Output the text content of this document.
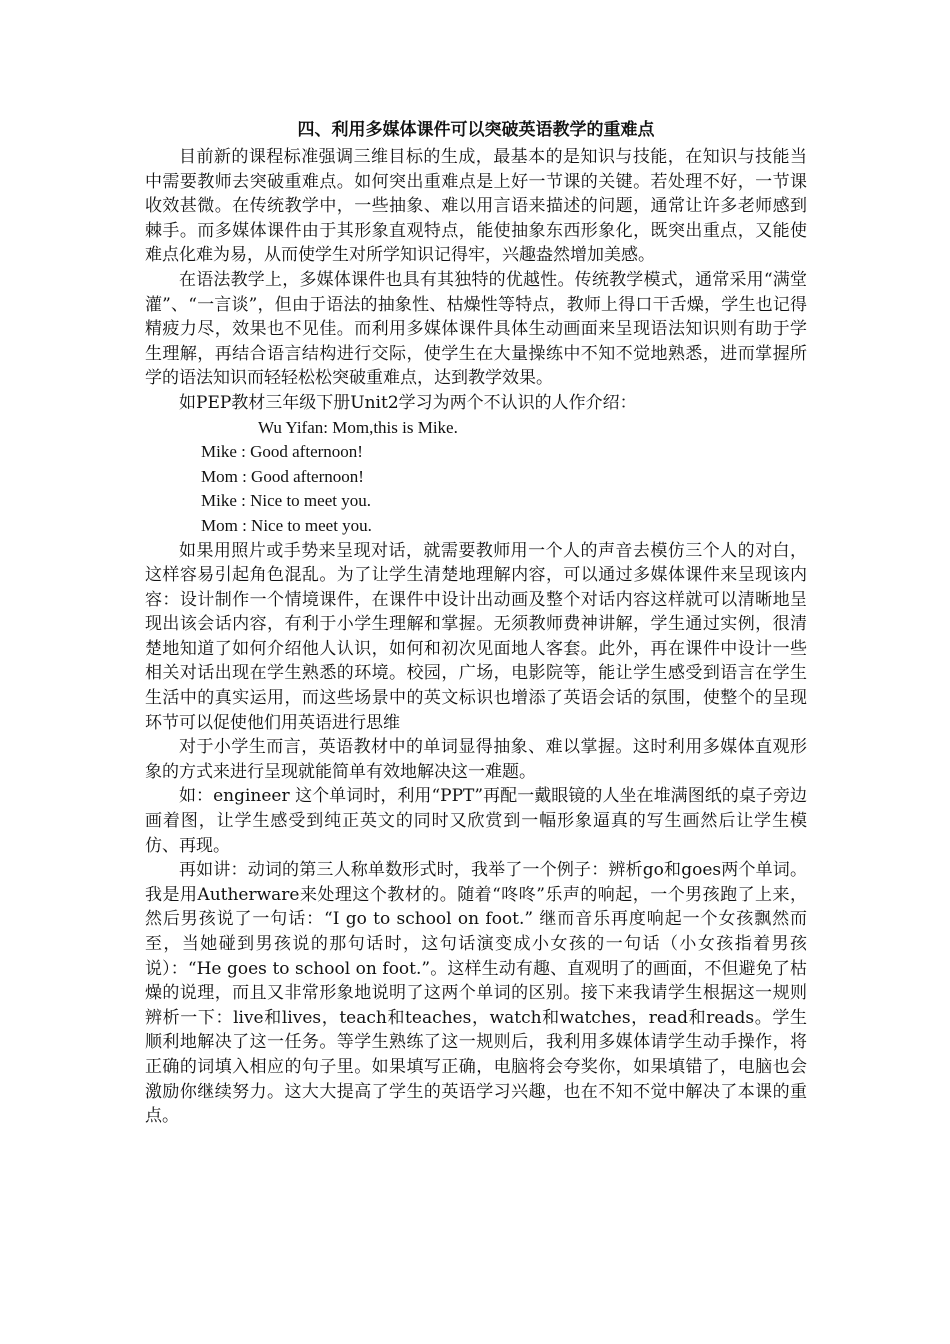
四、利用多媒体课件可以突破英语教学的重难点

目前新的课程标准强调三维目标的生成，最基本的是知识与技能，在知识与技能当中需要教师去突破重难点。如何突出重难点是上好一节课的关键。若处理不好，一节课收效甚微。在传统教学中，一些抽象、难以用言语来描述的问题，通常让许多老师感到棘手。而多媒体课件由于其形象直观特点，能使抽象东西形象化，既突出重点，又能使难点化难为易，从而使学生对所学知识记得牢，兴趣盎然增加美感。

在语法教学上，多媒体课件也具有其独特的优越性。传统教学模式，通常采用“满堂灌”、“一言谈”，但由于语法的抽象性、枯燥性等特点，教师上得口干舌燥，学生也记得精疲力尽，效果也不见佳。而利用多媒体课件具体生动画面来呈现语法知识则有助于学生理解，再结合语言结构进行交际，使学生在大量操练中不知不觉地熟悉，进而掌握所学的语法知识而轻轻松松突破重难点，达到教学效果。

如PEP教材三年级下册Unit2学习为两个不认识的人作介绍：

Wu Yifan: Mom,this is Mike.

Mike : Good afternoon!

Mom : Good afternoon!

Mike : Nice to meet you.

Mom : Nice to meet you.

如果用照片或手势来呈现对话，就需要教师用一个人的声音去模仿三个人的对白，这样容易引起角色混乱。为了让学生清楚地理解内容，可以通过多媒体课件来呈现该内容：设计制作一个情境课件，在课件中设计出动画及整个对话内容这样就可以清晰地呈现出该会话内容，有利于小学生理解和掌握。无须教师费神讲解，学生通过实例，很清楚地知道了如何介绍他人认识，如何和初次见面地人客套。此外，再在课件中设计一些相关对话出现在学生熟悉的环境。校园，广场，电影院等，能让学生感受到语言在学生生活中的真实运用，而这些场景中的英文标识也增添了英语会话的氛围，使整个的呈现环节可以促使他们用英语进行思维

对于小学生而言，英语教材中的单词显得抽象、难以掌握。这时利用多媒体直观形象的方式来进行呈现就能简单有效地解决这一难题。

如：engineer 这个单词时，利用“PPT”再配一戴眼镜的人坐在堆满图纸的桌子旁边画着图，让学生感受到纯正英文的同时又欣赏到一幅形象逼真的写生画然后让学生模仿、再现。

再如讲：动词的第三人称单数形式时，我举了一个例子：辨析go和goes两个单词。我是用Autherware来处理这个教材的。随着“咚咚”乐声的响起，一个男孩跑了上来，然后男孩说了一句话：“I go to school on foot.” 继而音乐再度响起一个女孩飘然而至，当她碰到男孩说的那句话时，这句话演变成小女孩的一句话（小女孩指着男孩说）：“He goes to school on foot.”。这样生动有趣、直观明了的画面，不但避免了枯燥的说理，而且又非常形象地说明了这两个单词的区别。接下来我请学生根据这一规则辨析一下：live和lives，teach和teaches，watch和watches，read和reads。学生顺利地解决了这一任务。等学生熟练了这一规则后，我利用多媒体请学生动手操作，将正确的词填入相应的句子里。如果填写正确，电脑将会夸奖你，如果填错了，电脑也会激励你继续努力。这大大提高了学生的英语学习兴趣，也在不知不觉中解决了本课的重点。
